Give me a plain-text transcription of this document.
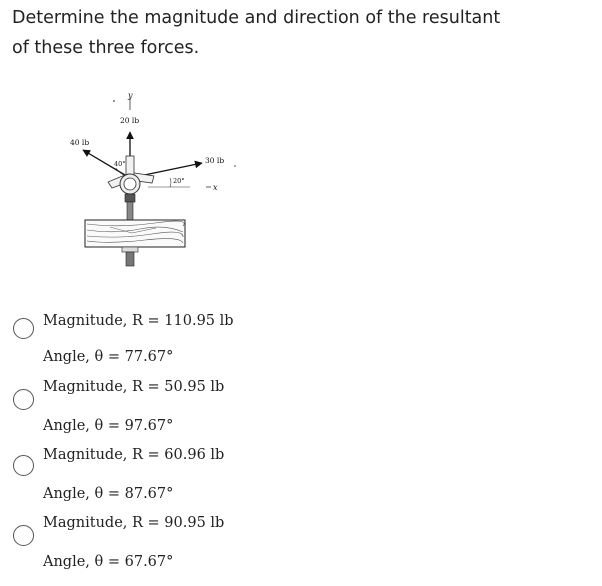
Determine the magnitude and direction of the resultant
of these three forces.
y
x
20 lb
40 lb
30 lb
40°
20°
Magnitude, R = 110.95 lb
Angle, θ = 77.67°
Magnitude, R = 50.95 lb
Angle, θ = 97.67°
Magnitude, R = 60.96 lb
Angle, θ = 87.67°
Magnitude, R = 90.95 lb
Angle, θ = 67.67°
